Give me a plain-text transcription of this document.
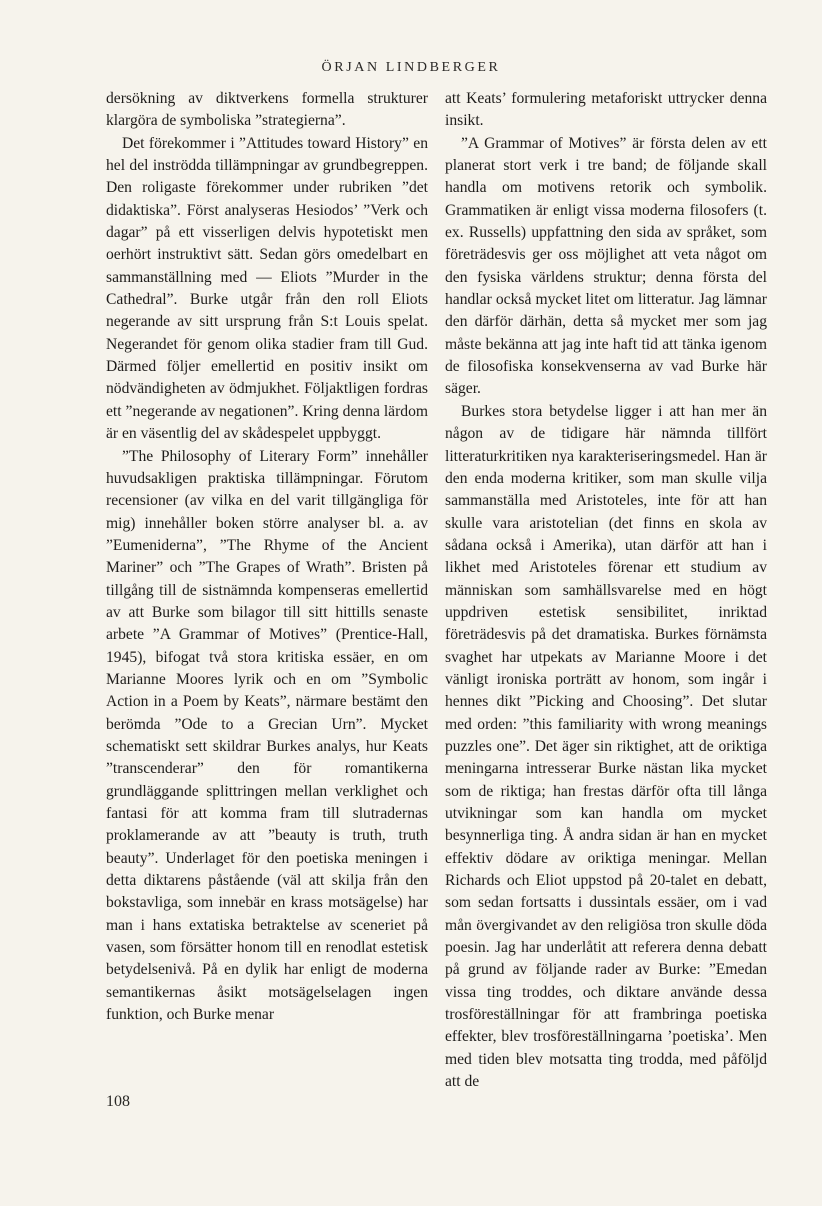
ÖRJAN LINDBERGER

dersökning av diktverkens formella strukturer klargöra de symboliska ”strategierna”.

Det förekommer i ”Attitudes toward History” en hel del inströdda tillämpningar av grundbegreppen. Den roligaste förekommer under rubriken ”det didaktiska”. Först analyseras Hesiodos’ ”Verk och dagar” på ett visserligen delvis hypotetiskt men oerhört instruktivt sätt. Sedan görs omedelbart en sammanställning med — Eliots ”Murder in the Cathedral”. Burke utgår från den roll Eliots negerande av sitt ursprung från S:t Louis spelat. Negerandet för genom olika stadier fram till Gud. Därmed följer emellertid en positiv insikt om nödvändigheten av ödmjukhet. Följaktligen fordras ett ”negerande av negationen”. Kring denna lärdom är en väsentlig del av skådespelet uppbyggt.

”The Philosophy of Literary Form” innehåller huvudsakligen praktiska tillämpningar. Förutom recensioner (av vilka en del varit tillgängliga för mig) innehåller boken större analyser bl. a. av ”Eumeniderna”, ”The Rhyme of the Ancient Mariner” och ”The Grapes of Wrath”. Bristen på tillgång till de sistnämnda kompenseras emellertid av att Burke som bilagor till sitt hittills senaste arbete ”A Grammar of Motives” (Prentice-Hall, 1945), bifogat två stora kritiska essäer, en om Marianne Moores lyrik och en om ”Symbolic Action in a Poem by Keats”, närmare bestämt den berömda ”Ode to a Grecian Urn”. Mycket schematiskt sett skildrar Burkes analys, hur Keats ”transcenderar” den för romantikerna grundläggande splittringen mellan verklighet och fantasi för att komma fram till slutradernas proklamerande av att ”beauty is truth, truth beauty”. Underlaget för den poetiska meningen i detta diktarens påstående (väl att skilja från den bokstavliga, som innebär en krass motsägelse) har man i hans extatiska betraktelse av sceneriet på vasen, som försätter honom till en renodlat estetisk betydelsenivå. På en dylik har enligt de moderna semantikernas åsikt motsägelselagen ingen funktion, och Burke menar

att Keats’ formulering metaforiskt uttrycker denna insikt.

”A Grammar of Motives” är första delen av ett planerat stort verk i tre band; de följande skall handla om motivens retorik och symbolik. Grammatiken är enligt vissa moderna filosofers (t. ex. Russells) uppfattning den sida av språket, som företrädesvis ger oss möjlighet att veta något om den fysiska världens struktur; denna första del handlar också mycket litet om litteratur. Jag lämnar den därför därhän, detta så mycket mer som jag måste bekänna att jag inte haft tid att tänka igenom de filosofiska konsekvenserna av vad Burke här säger.

Burkes stora betydelse ligger i att han mer än någon av de tidigare här nämnda tillfört litteraturkritiken nya karakteriseringsmedel. Han är den enda moderna kritiker, som man skulle vilja sammanställa med Aristoteles, inte för att han skulle vara aristotelian (det finns en skola av sådana också i Amerika), utan därför att han i likhet med Aristoteles förenar ett studium av människan som samhällsvarelse med en högt uppdriven estetisk sensibilitet, inriktad företrädesvis på det dramatiska. Burkes förnämsta svaghet har utpekats av Marianne Moore i det vänligt ironiska porträtt av honom, som ingår i hennes dikt ”Picking and Choosing”. Det slutar med orden: ”this familiarity with wrong meanings puzzles one”. Det äger sin riktighet, att de oriktiga meningarna intresserar Burke nästan lika mycket som de riktiga; han frestas därför ofta till långa utvikningar som kan handla om mycket besynnerliga ting. Å andra sidan är han en mycket effektiv dödare av oriktiga meningar. Mellan Richards och Eliot uppstod på 20-talet en debatt, som sedan fortsatts i dussintals essäer, om i vad mån övergivandet av den religiösa tron skulle döda poesin. Jag har underlåtit att referera denna debatt på grund av följande rader av Burke: ”Emedan vissa ting troddes, och diktare använde dessa trosföreställningar för att frambringa poetiska effekter, blev trosföreställningarna ’poetiska’. Men med tiden blev motsatta ting trodda, med påföljd att de

108
